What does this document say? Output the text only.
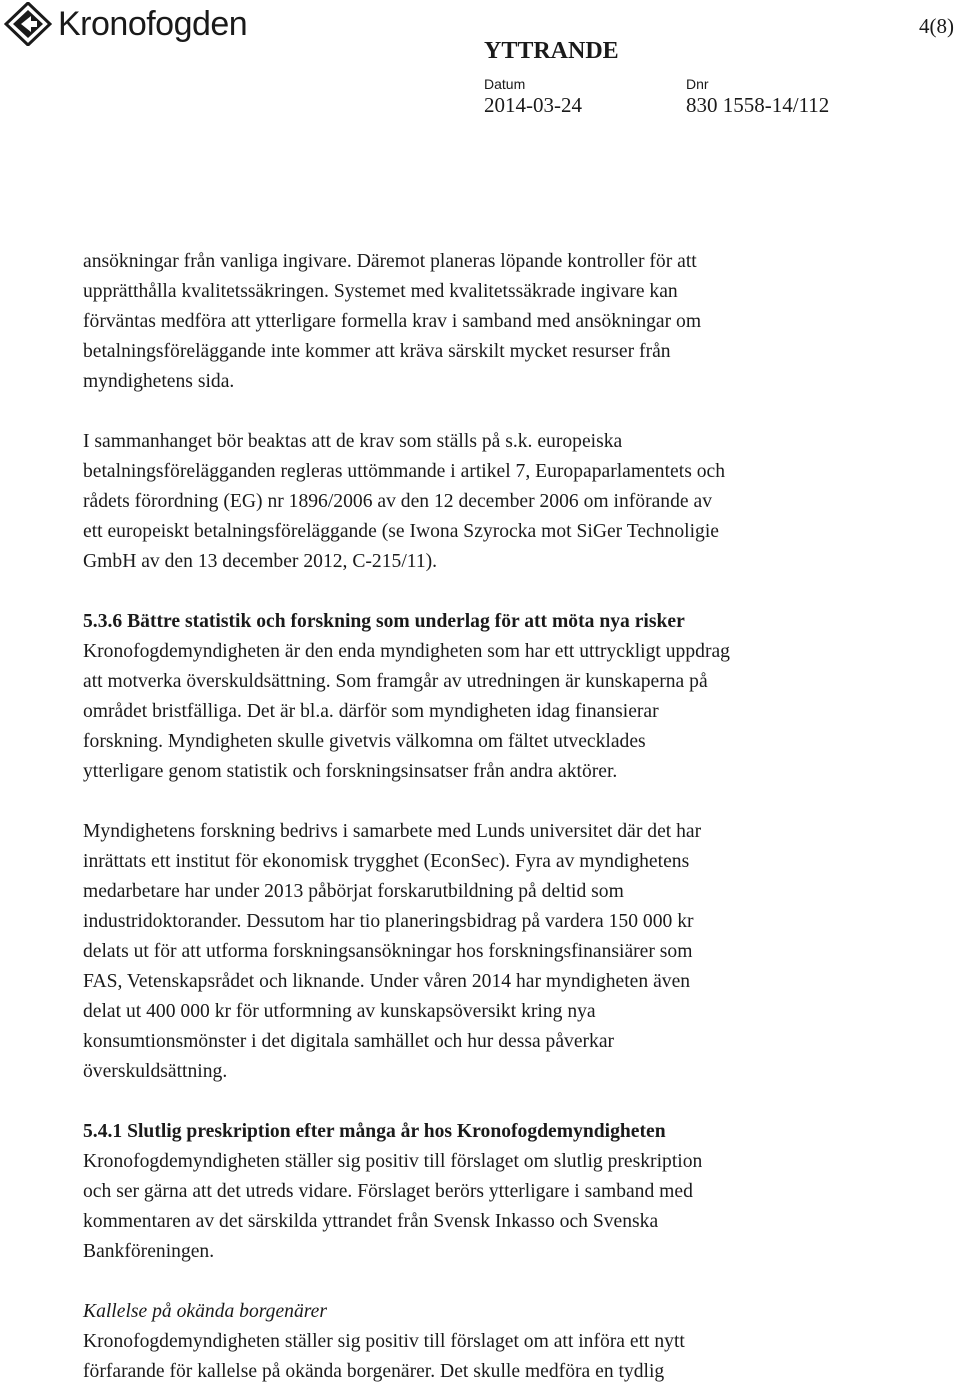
Kronofogden	4(8)
YTTRANDE
Datum
2014-03-24
Dnr
830 1558-14/112

ansökningar från vanliga ingivare. Däremot planeras löpande kontroller för att
upprätthålla kvalitetssäkringen. Systemet med kvalitetssäkrade ingivare kan
förväntas medföra att ytterligare formella krav i samband med ansökningar om
betalningsföreläggande inte kommer att kräva särskilt mycket resurser från
myndighetens sida.

I sammanhanget bör beaktas att de krav som ställs på s.k. europeiska
betalningsförelägganden regleras uttömmande i artikel 7, Europaparlamentets och
rådets förordning (EG) nr 1896/2006 av den 12 december 2006 om införande av
ett europeiskt betalningsföreläggande (se Iwona Szyrocka mot SiGer Technoligie
GmbH av den 13 december 2012, C-215/11).

5.3.6 Bättre statistik och forskning som underlag för att möta nya risker

Kronofogdemyndigheten är den enda myndigheten som har ett uttryckligt uppdrag
att motverka överskuldsättning. Som framgår av utredningen är kunskaperna på
området bristfälliga. Det är bl.a. därför som myndigheten idag finansierar
forskning. Myndigheten skulle givetvis välkomna om fältet utvecklades
ytterligare genom statistik och forskningsinsatser från andra aktörer.

Myndighetens forskning bedrivs i samarbete med Lunds universitet där det har
inrättats ett institut för ekonomisk trygghet (EconSec). Fyra av myndighetens
medarbetare har under 2013 påbörjat forskarutbildning på deltid som
industridoktorander. Dessutom har tio planeringsbidrag på vardera 150 000 kr
delats ut för att utforma forskningsansökningar hos forskningsfinansiärer som
FAS, Vetenskapsrådet och liknande. Under våren 2014 har myndigheten även
delat ut 400 000 kr för utformning av kunskapsöversikt kring nya
konsumtionsmönster i det digitala samhället och hur dessa påverkar
överskuldsättning.

5.4.1 Slutlig preskription efter många år hos Kronofogdemyndigheten

Kronofogdemyndigheten ställer sig positiv till förslaget om slutlig preskription
och ser gärna att det utreds vidare. Förslaget berörs ytterligare i samband med
kommentaren av det särskilda yttrandet från Svensk Inkasso och Svenska
Bankföreningen.

Kallelse på okända borgenärer

Kronofogdemyndigheten ställer sig positiv till förslaget om att införa ett nytt
förfarande för kallelse på okända borgenärer. Det skulle medföra en tydlig
